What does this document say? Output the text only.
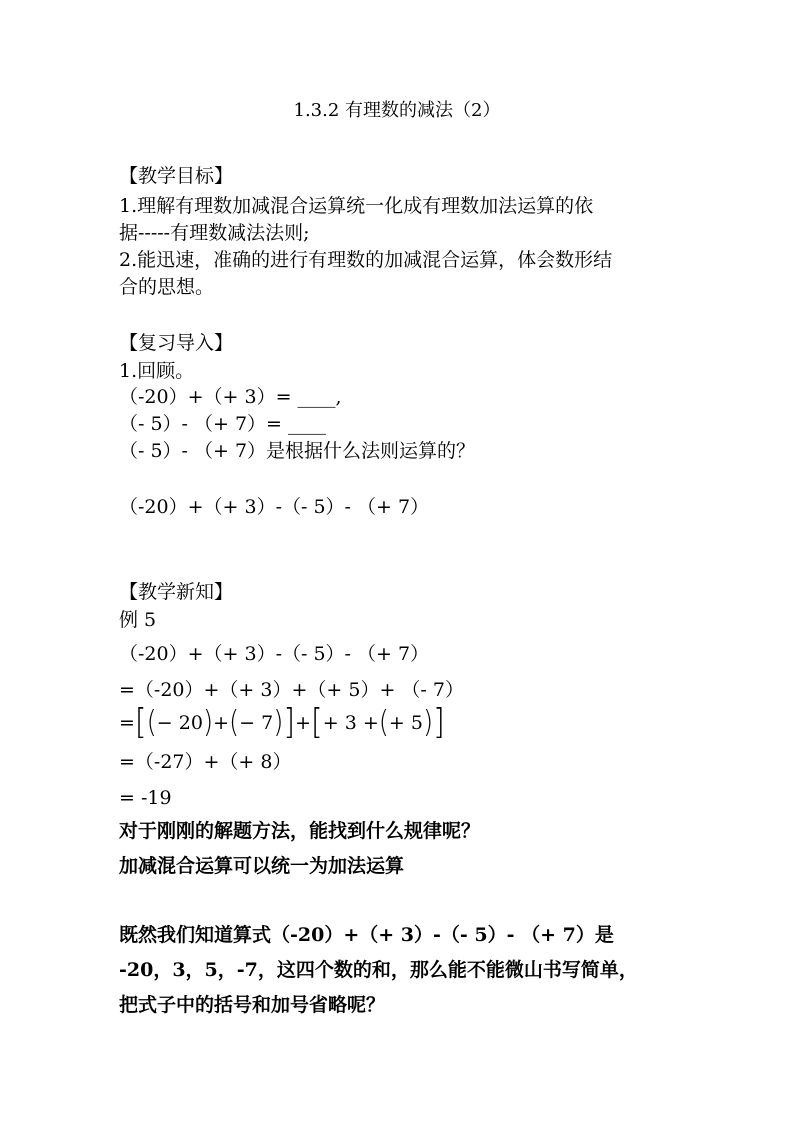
1.3.2 有理数的减法（2）
【教学目标】
1.理解有理数加减混合运算统一化成有理数加法运算的依
据-----有理数减法法则;
2.能迅速，准确的进行有理数的加减混合运算，体会数形结
合的思想。
【复习导入】
1.回顾。
（-20）+（+ 3）= ____,
（- 5）- （+ 7）= ____
（- 5）- （+ 7）是根据什么法则运算的？
（-20）+（+ 3）-（- 5）- （+ 7）
【教学新知】
例 5
（-20）+（+ 3）-（- 5）- （+ 7）
=（-20）+（+ 3）+（+ 5）+ （- 7）
= [ ( − 20 ) + ( − 7 ) ] + [ + 3 + ( + 5 ) ]
=（-27）+（+ 8）
= -19
对于刚刚的解题方法，能找到什么规律呢？
加减混合运算可以统一为加法运算
既然我们知道算式（-20）+（+ 3）-（- 5）- （+ 7）是
-20，3，5，-7，这四个数的和，那么能不能微山书写简单，
把式子中的括号和加号省略呢？
